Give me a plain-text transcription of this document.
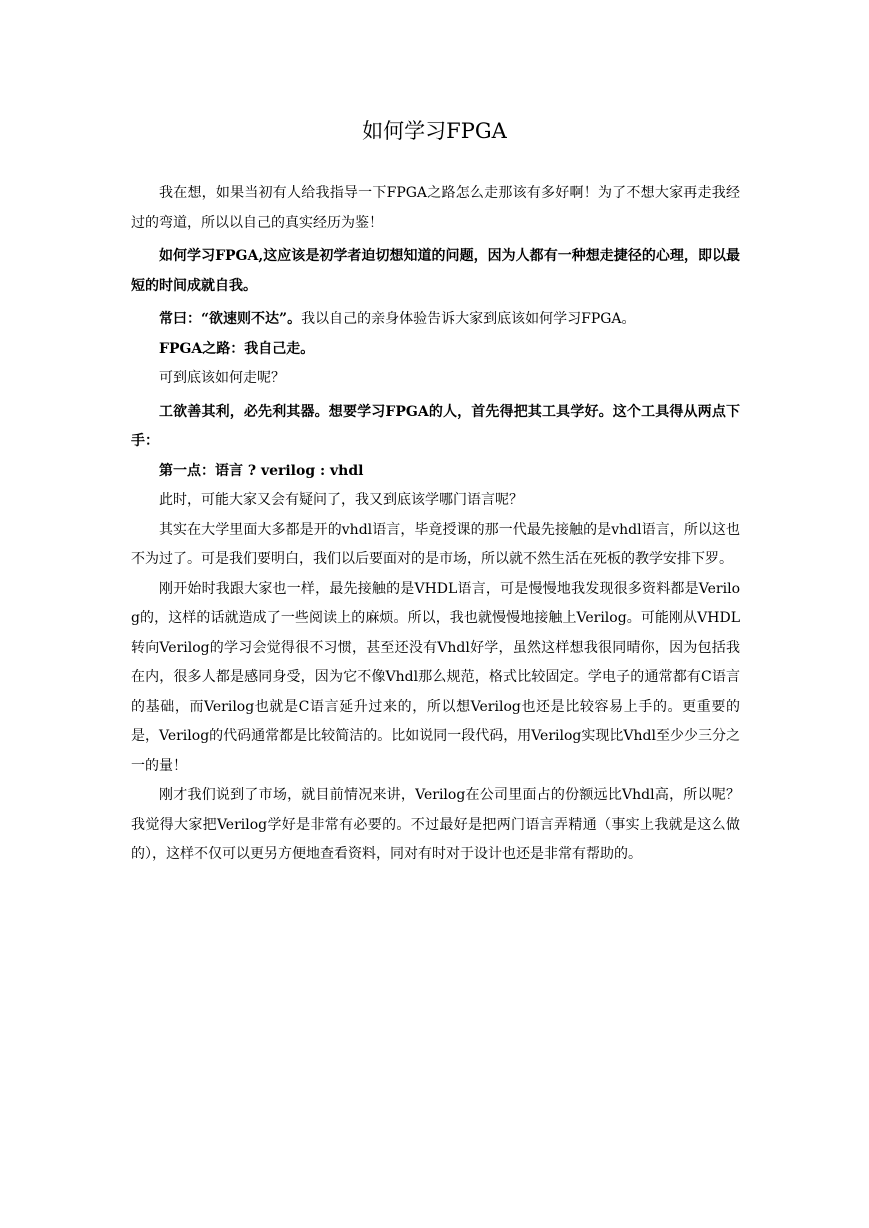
如何学习FPGA

我在想，如果当初有人给我指导一下FPGA之路怎么走那该有多好啊！为了不想大家再走我经过的弯道，所以以自己的真实经历为鉴！

如何学习FPGA,这应该是初学者迫切想知道的问题，因为人都有一种想走捷径的心理，即以最短的时间成就自我。

常曰：“欲速则不达”。我以自己的亲身体验告诉大家到底该如何学习FPGA。

FPGA之路：我自己走。

可到底该如何走呢？

工欲善其利，必先利其器。想要学习FPGA的人，首先得把其工具学好。这个工具得从两点下手：

第一点：语言 ? verilog : vhdl

此时，可能大家又会有疑问了，我又到底该学哪门语言呢？

其实在大学里面大多都是开的vhdl语言，毕竟授课的那一代最先接触的是vhdl语言，所以这也不为过了。可是我们要明白，我们以后要面对的是市场，所以就不然生活在死板的教学安排下罗。

刚开始时我跟大家也一样，最先接触的是VHDL语言，可是慢慢地我发现很多资料都是Verilog的，这样的话就造成了一些阅读上的麻烦。所以，我也就慢慢地接触上Verilog。可能刚从VHDL转向Verilog的学习会觉得很不习惯，甚至还没有Vhdl好学，虽然这样想我很同晴你，因为包括我在内，很多人都是感同身受，因为它不像Vhdl那么规范，格式比较固定。学电子的通常都有C语言的基础，而Verilog也就是C语言延升过来的，所以想Verilog也还是比较容易上手的。更重要的是，Verilog的代码通常都是比较简洁的。比如说同一段代码，用Verilog实现比Vhdl至少少三分之一的量！

刚才我们说到了市场，就目前情况来讲，Verilog在公司里面占的份额远比Vhdl高，所以呢？我觉得大家把Verilog学好是非常有必要的。不过最好是把两门语言弄精通（事实上我就是这么做的），这样不仅可以更另方便地查看资料，同对有时对于设计也还是非常有帮助的。
